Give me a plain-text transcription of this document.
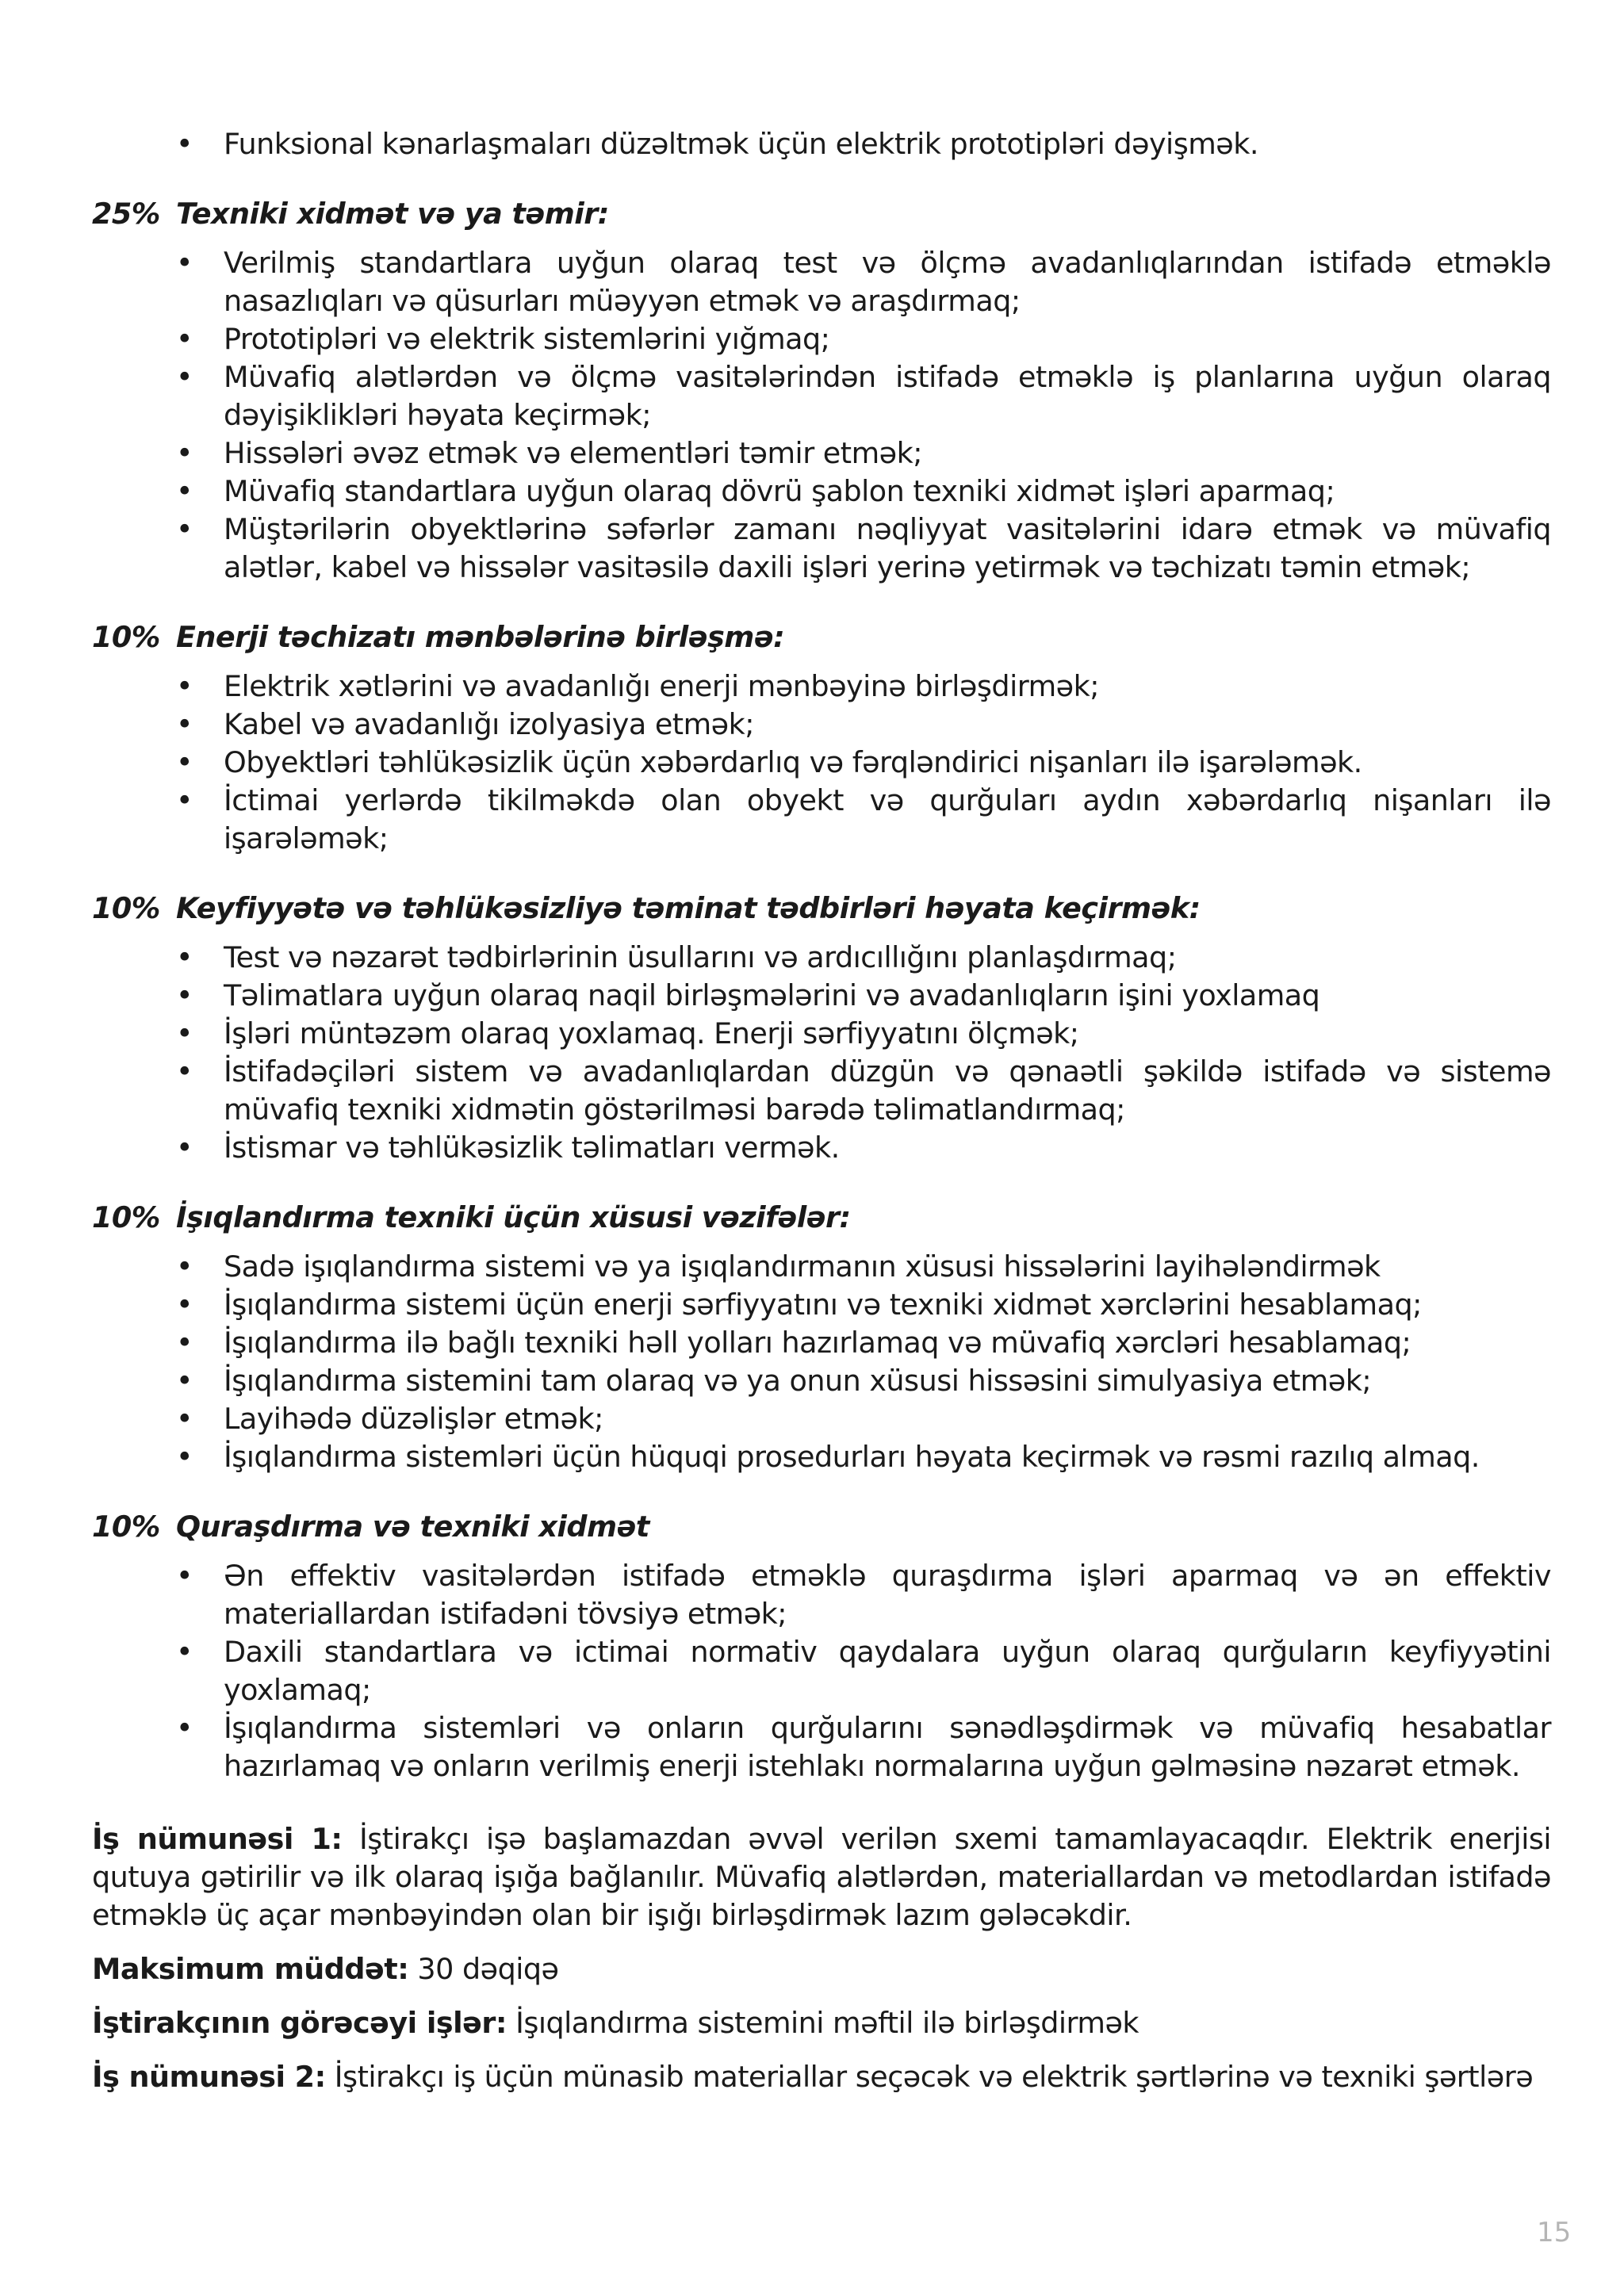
• Funksional kənarlaşmaları düzəltmək üçün elektrik prototipləri dəyişmək.
25% Texniki xidmət və ya təmir:
• Verilmiş standartlara uyğun olaraq test və ölçmə avadanlıqlarından istifadə etməklə nasazlıqları və qüsurları müəyyən etmək və araşdırmaq;
• Prototipləri və elektrik sistemlərini yığmaq;
• Müvafiq alətlərdən və ölçmə vasitələrindən istifadə etməklə iş planlarına uyğun olaraq dəyişiklikləri həyata keçirmək;
• Hissələri əvəz etmək və elementləri təmir etmək;
• Müvafiq standartlara uyğun olaraq dövrü şablon texniki xidmət işləri aparmaq;
• Müştərilərin obyektlərinə səfərlər zamanı nəqliyyat vasitələrini idarə etmək və müvafiq alətlər, kabel və hissələr vasitəsilə daxili işləri yerinə yetirmək və təchizatı təmin etmək;
10% Enerji təchizatı mənbələrinə birləşmə:
• Elektrik xətlərini və avadanlığı enerji mənbəyinə birləşdirmək;
• Kabel və avadanlığı izolyasiya etmək;
• Obyektləri təhlükəsizlik üçün xəbərdarlıq və fərqləndirici nişanları ilə işarələmək.
• İctimai yerlərdə tikilməkdə olan obyekt və qurğuları aydın xəbərdarlıq nişanları ilə işarələmək;
10% Keyfiyyətə və təhlükəsizliyə təminat tədbirləri həyata keçirmək:
• Test və nəzarət tədbirlərinin üsullarını və ardıcıllığını planlaşdırmaq;
• Təlimatlara uyğun olaraq naqil birləşmələrini və avadanlıqların işini yoxlamaq
• İşləri müntəzəm olaraq yoxlamaq. Enerji sərfiyyatını ölçmək;
• İstifadəçiləri sistem və avadanlıqlardan düzgün və qənaətli şəkildə istifadə və sistemə müvafiq texniki xidmətin göstərilməsi barədə təlimatlandırmaq;
• İstismar və təhlükəsizlik təlimatları vermək.
10% İşıqlandırma texniki üçün xüsusi vəzifələr:
• Sadə işıqlandırma sistemi və ya işıqlandırmanın xüsusi hissələrini layihələndirmək
• İşıqlandırma sistemi üçün enerji sərfiyyatını və texniki xidmət xərclərini hesablamaq;
• İşıqlandırma ilə bağlı texniki həll yolları hazırlamaq və müvafiq xərcləri hesablamaq;
• İşıqlandırma sistemini tam olaraq və ya onun xüsusi hissəsini simulyasiya etmək;
• Layihədə düzəlişlər etmək;
• İşıqlandırma sistemləri üçün hüquqi prosedurları həyata keçirmək və rəsmi razılıq almaq.
10% Quraşdırma və texniki xidmət
• Ən effektiv vasitələrdən istifadə etməklə quraşdırma işləri aparmaq və ən effektiv materiallardan istifadəni tövsiyə etmək;
• Daxili standartlara və ictimai normativ qaydalara uyğun olaraq qurğuların keyfiyyətini yoxlamaq;
• İşıqlandırma sistemləri və onların qurğularını sənədləşdirmək və müvafiq hesabatlar hazırlamaq və onların verilmiş enerji istehlakı normalarına uyğun gəlməsinə nəzarət etmək.

İş nümunəsi 1: İştirakçı işə başlamazdan əvvəl verilən sxemi tamamlayacaqdır. Elektrik enerjisi qutuya gətirilir və ilk olaraq işığa bağlanılır. Müvafiq alətlərdən, materiallardan və metodlardan istifadə etməklə üç açar mənbəyindən olan bir işığı birləşdirmək lazım gələcəkdir.

Maksimum müddət: 30 dəqiqə

İştirakçının görəcəyi işlər: İşıqlandırma sistemini məftil ilə birləşdirmək

İş nümunəsi 2: İştirakçı iş üçün münasib materiallar seçəcək və elektrik şərtlərinə və texniki şərtlərə

15
